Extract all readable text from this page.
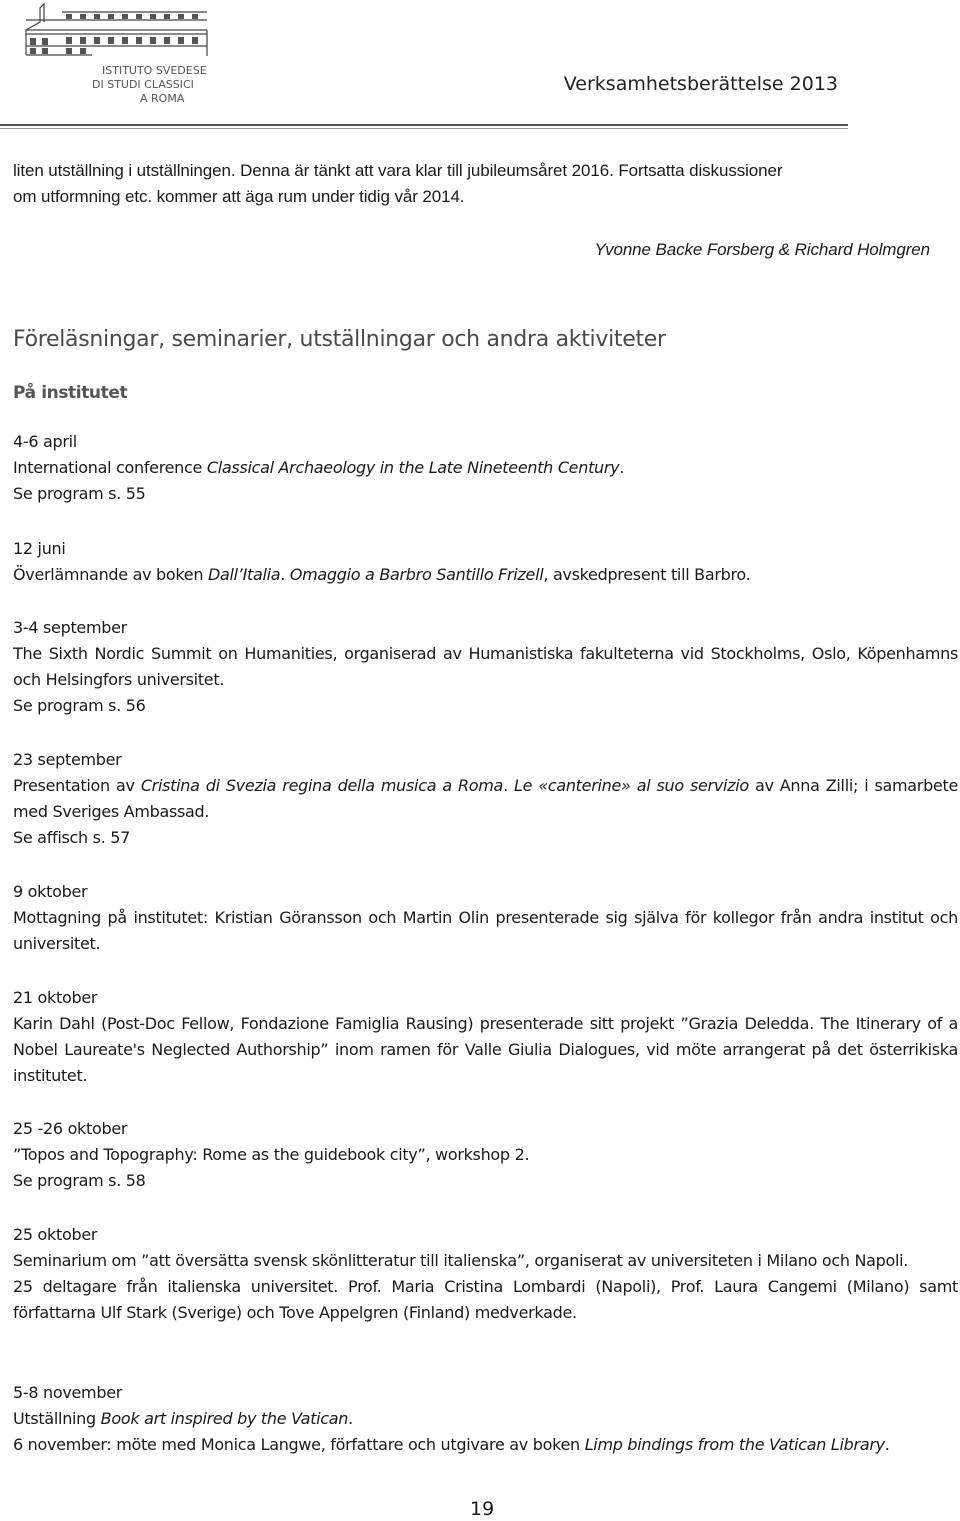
ISTITUTO SVEDESE
DI STUDI CLASSICI
A ROMA
Verksamhetsberättelse 2013
liten utställning i utställningen. Denna är tänkt att vara klar till jubileumsåret 2016. Fortsatta diskussioner
om utformning etc. kommer att äga rum under tidig vår 2014.
Yvonne Backe Forsberg & Richard Holmgren
Föreläsningar, seminarier, utställningar och andra aktiviteter
På institutet
4-6 april
International conference Classical Archaeology in the Late Nineteenth Century.
Se program s. 55
12 juni
Överlämnande av boken Dall’Italia. Omaggio a Barbro Santillo Frizell, avskedpresent till Barbro.
3-4 september
The Sixth Nordic Summit on Humanities, organiserad av Humanistiska fakulteterna vid Stockholms, Oslo, Köpenhamns och Helsingfors universitet.
Se program s. 56
23 september
Presentation av Cristina di Svezia regina della musica a Roma. Le «canterine» al suo servizio av Anna Zilli; i samarbete med Sveriges Ambassad.
Se affisch s. 57
9 oktober
Mottagning på institutet: Kristian Göransson och Martin Olin presenterade sig själva för kollegor från andra institut och universitet.
21 oktober
Karin Dahl (Post-Doc Fellow, Fondazione Famiglia Rausing) presenterade sitt projekt ”Grazia Deledda. The Itinerary of a Nobel Laureate's Neglected Authorship” inom ramen för Valle Giulia Dialogues, vid möte arrangerat på det österrikiska institutet.
25 -26 oktober
”Topos and Topography: Rome as the guidebook city”, workshop 2.
Se program s. 58
25 oktober
Seminarium om ”att översätta svensk skönlitteratur till italienska”, organiserat av universiteten i Milano och Napoli.
25 deltagare från italienska universitet. Prof. Maria Cristina Lombardi (Napoli), Prof. Laura Cangemi (Milano) samt författarna Ulf Stark (Sverige) och Tove Appelgren (Finland) medverkade.
5-8 november
Utställning Book art inspired by the Vatican.
6 november: möte med Monica Langwe, författare och utgivare av boken Limp bindings from the Vatican Library.
19
